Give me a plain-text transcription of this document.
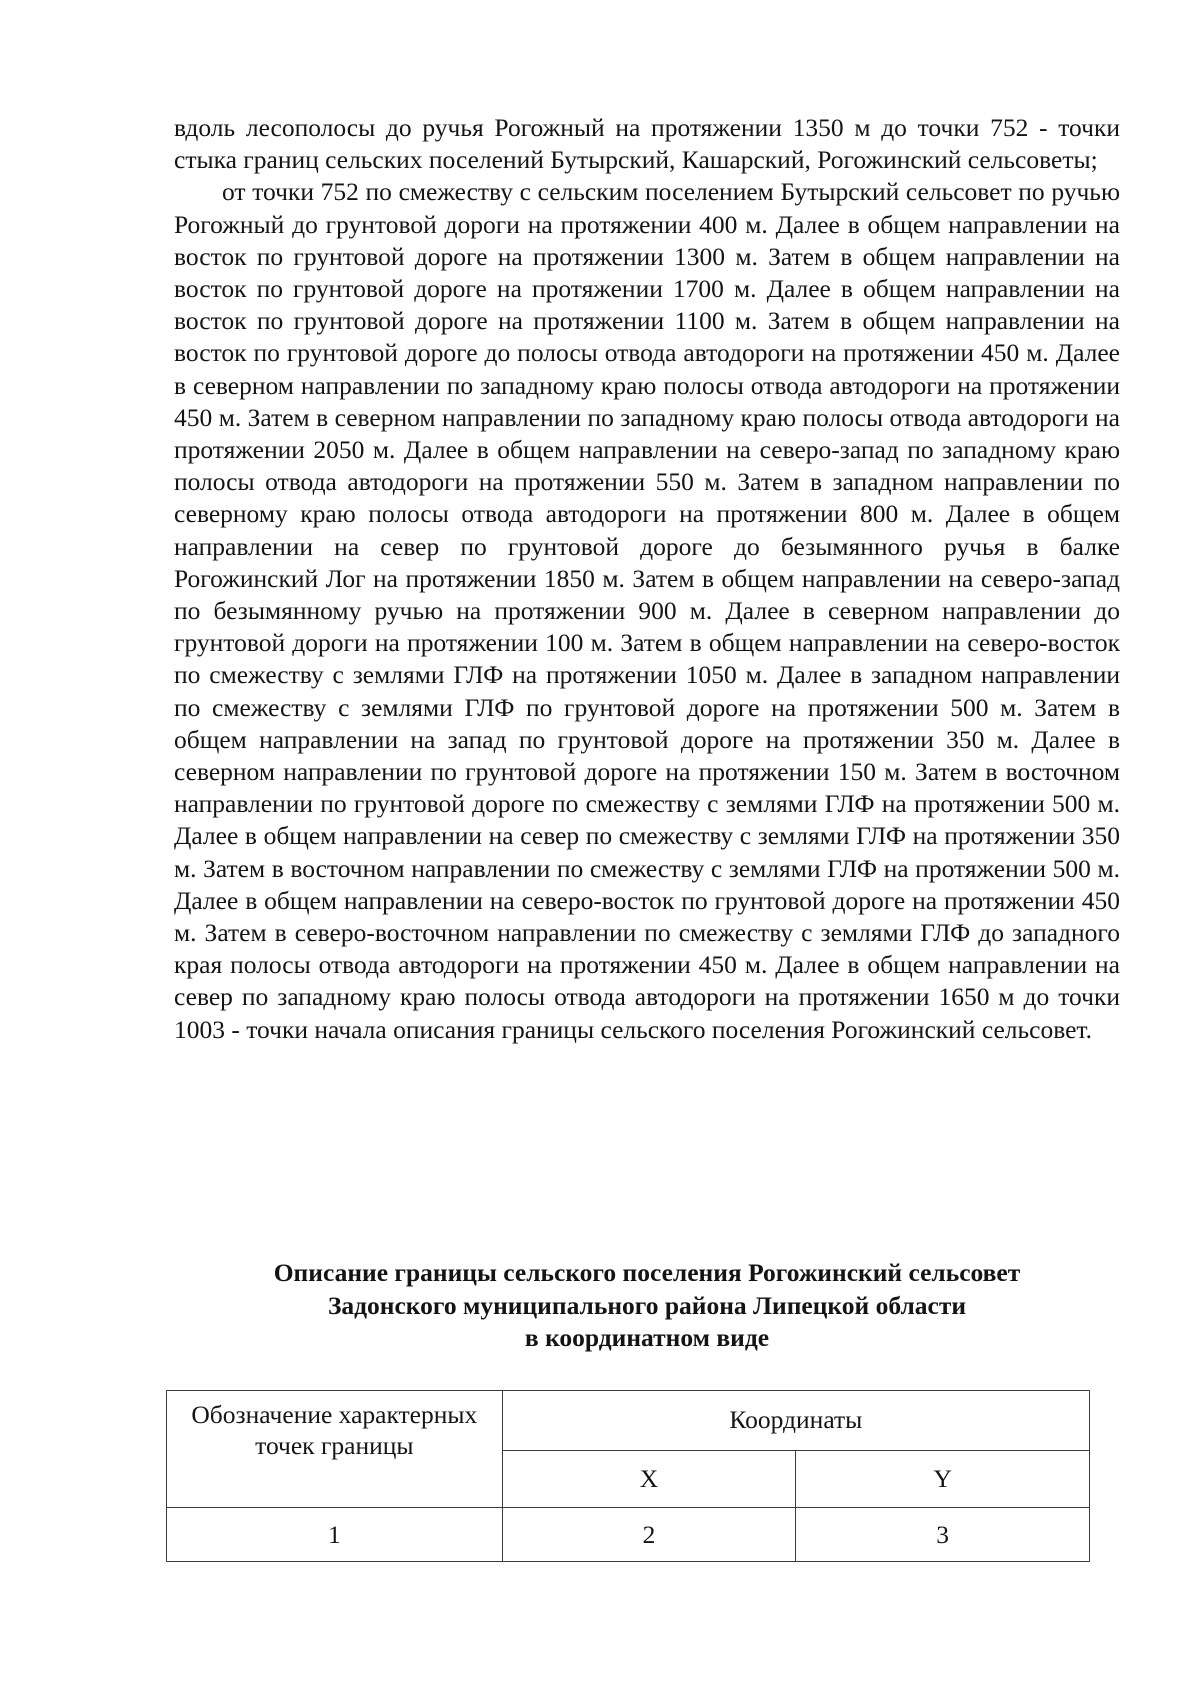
вдоль лесополосы до ручья Рогожный на протяжении 1350 м до точки 752 - точки стыка границ сельских поселений Бутырский, Кашарский, Рогожинский сельсоветы;

от точки 752 по смежеству с сельским поселением Бутырский сельсовет по ручью Рогожный до грунтовой дороги на протяжении 400 м. Далее в общем направлении на восток по грунтовой дороге на протяжении 1300 м. Затем в общем направлении на восток по грунтовой дороге на протяжении 1700 м. Далее в общем направлении на восток по грунтовой дороге на протяжении 1100 м. Затем в общем направлении на восток по грунтовой дороге до полосы отвода автодороги на протяжении 450 м. Далее в северном направлении по западному краю полосы отвода автодороги на протяжении 450 м. Затем в северном направлении по западному краю полосы отвода автодороги на протяжении 2050 м. Далее в общем направлении на северо-запад по западному краю полосы отвода автодороги на протяжении 550 м. Затем в западном направлении по северному краю полосы отвода автодороги на протяжении 800 м. Далее в общем направлении на север по грунтовой дороге до безымянного ручья в балке Рогожинский Лог на протяжении 1850 м. Затем в общем направлении на северо-запад по безымянному ручью на протяжении 900 м. Далее в северном направлении до грунтовой дороги на протяжении 100 м. Затем в общем направлении на северо-восток по смежеству с землями ГЛФ на протяжении 1050 м. Далее в западном направлении по смежеству с землями ГЛФ по грунтовой дороге на протяжении 500 м. Затем в общем направлении на запад по грунтовой дороге на протяжении 350 м. Далее в северном направлении по грунтовой дороге на протяжении 150 м. Затем в восточном направлении по грунтовой дороге по смежеству с землями ГЛФ на протяжении 500 м. Далее в общем направлении на север по смежеству с землями ГЛФ на протяжении 350 м. Затем в восточном направлении по смежеству с землями ГЛФ на протяжении 500 м. Далее в общем направлении на северо-восток по грунтовой дороге на протяжении 450 м. Затем в северо-восточном направлении по смежеству с землями ГЛФ до западного края полосы отвода автодороги на протяжении 450 м. Далее в общем направлении на север по западному краю полосы отвода автодороги на протяжении 1650 м до точки 1003 - точки начала описания границы сельского поселения Рогожинский сельсовет.

Описание границы сельского поселения Рогожинский сельсовет
Задонского муниципального района Липецкой области
в координатном виде
Обозначение характерных точек границы	Координаты	
	X	Y
1	2	3
